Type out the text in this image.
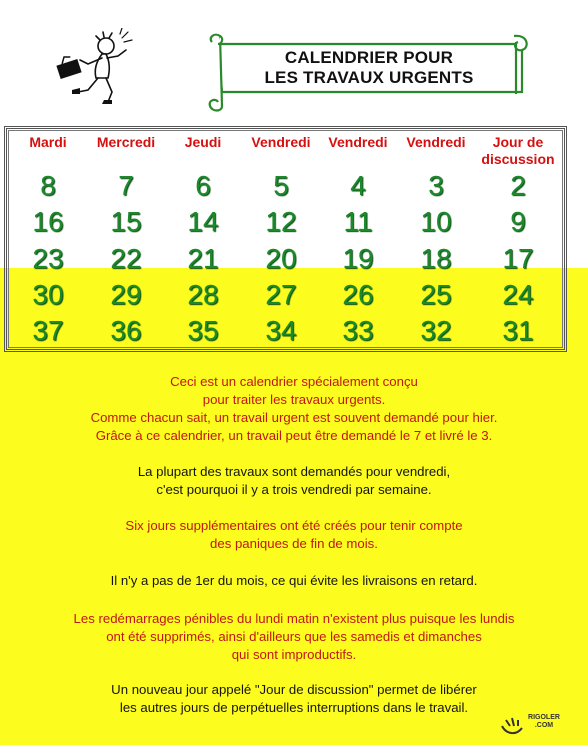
CALENDRIER POUR
LES TRAVAUX URGENTS
Mardi	Mercredi	Jeudi	Vendredi	Vendredi	Vendredi	Jour de
discussion
8	7	6	5	4	3	2
16	15	14	12	11	10	9
23	22	21	20	19	18	17
30	29	28	27	26	25	24
37	36	35	34	33	32	31
Ceci est un calendrier spécialement conçu
pour traiter les travaux urgents.
Comme chacun sait, un travail urgent est souvent demandé pour hier.
Grâce à ce calendrier, un travail peut être demandé le 7 et livré le 3.
La plupart des travaux sont demandés pour vendredi,
c'est pourquoi il y a trois vendredi par semaine.
Six jours supplémentaires ont été créés pour tenir compte
des paniques de fin de mois.
Il n'y a pas de 1er du mois, ce qui évite les livraisons en retard.
Les redémarrages pénibles du lundi matin n'existent plus puisque les lundis
ont été supprimés, ainsi d'ailleurs que les samedis et dimanches
qui sont improductifs.
Un nouveau jour appelé "Jour de discussion" permet de libérer
les autres jours de perpétuelles interruptions dans le travail.
RIGOLER
.COM
